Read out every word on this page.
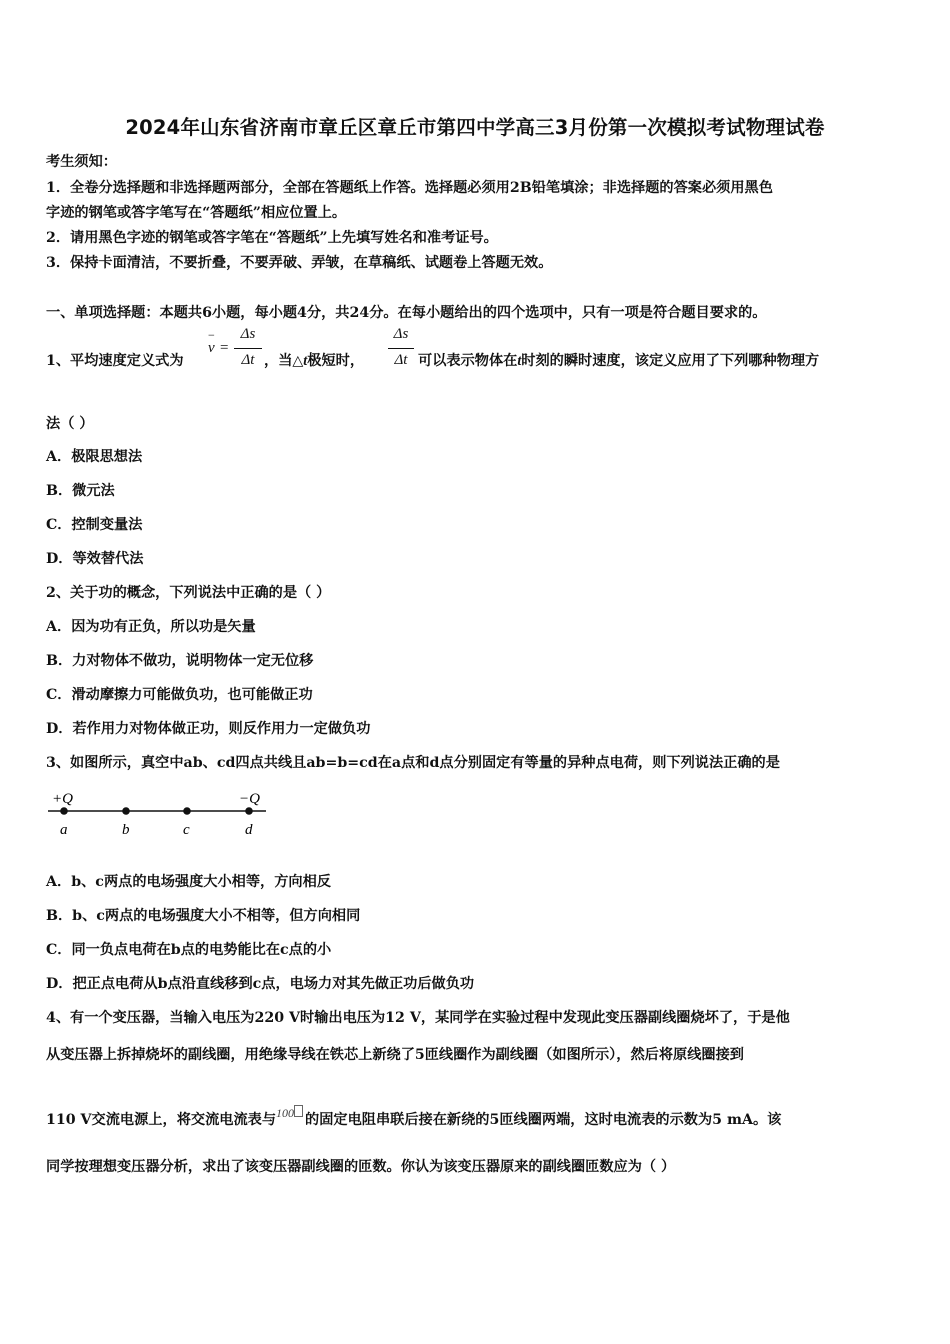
2024年山东省济南市章丘区章丘市第四中学高三3月份第一次模拟考试物理试卷
考生须知：
1．全卷分选择题和非选择题两部分，全部在答题纸上作答。选择题必须用2B铅笔填涂；非选择题的答案必须用黑色
字迹的钢笔或答字笔写在“答题纸”相应位置上。
2．请用黑色字迹的钢笔或答字笔在“答题纸”上先填写姓名和准考证号。
3．保持卡面清洁，不要折叠，不要弄破、弄皱，在草稿纸、试题卷上答题无效。
一、单项选择题：本题共6小题，每小题4分，共24分。在每小题给出的四个选项中，只有一项是符合题目要求的。
1、平均速度定义式为
v
−
=
Δs
Δt ，当△t极短时，
Δs
Δt 可以表示物体在t时刻的瞬时速度，该定义应用了下列哪种物理方
法（ ）
A．极限思想法
B．微元法
C．控制变量法
D．等效替代法
2、关于功的概念，下列说法中正确的是（ ）
A．因为功有正负，所以功是矢量
B．力对物体不做功，说明物体一定无位移
C．滑动摩擦力可能做负功，也可能做正功
D．若作用力对物体做正功，则反作用力一定做负功
3、如图所示，真空中ab、cd四点共线且ab=b=cd在a点和d点分别固定有等量的异种点电荷，则下列说法正确的是
+Q	−Q
a	b	c	d
A．b、c两点的电场强度大小相等，方向相反
B．b、c两点的电场强度大小不相等，但方向相同
C．同一负点电荷在b点的电势能比在c点的小
D．把正点电荷从b点沿直线移到c点，电场力对其先做正功后做负功
4、有一个变压器，当输入电压为220 V时输出电压为12 V，某同学在实验过程中发现此变压器副线圈烧坏了，于是他
从变压器上拆掉烧坏的副线圈，用绝缘导线在铁芯上新绕了5匝线圈作为副线圈（如图所示），然后将原线圈接到
110 V交流电源上，将交流电流表与$^{100}$ 的固定电阻串联后接在新绕的5匝线圈两端，这时电流表的示数为5 mA。该
同学按理想变压器分析，求出了该变压器副线圈的匝数。你认为该变压器原来的副线圈匝数应为（ ）
